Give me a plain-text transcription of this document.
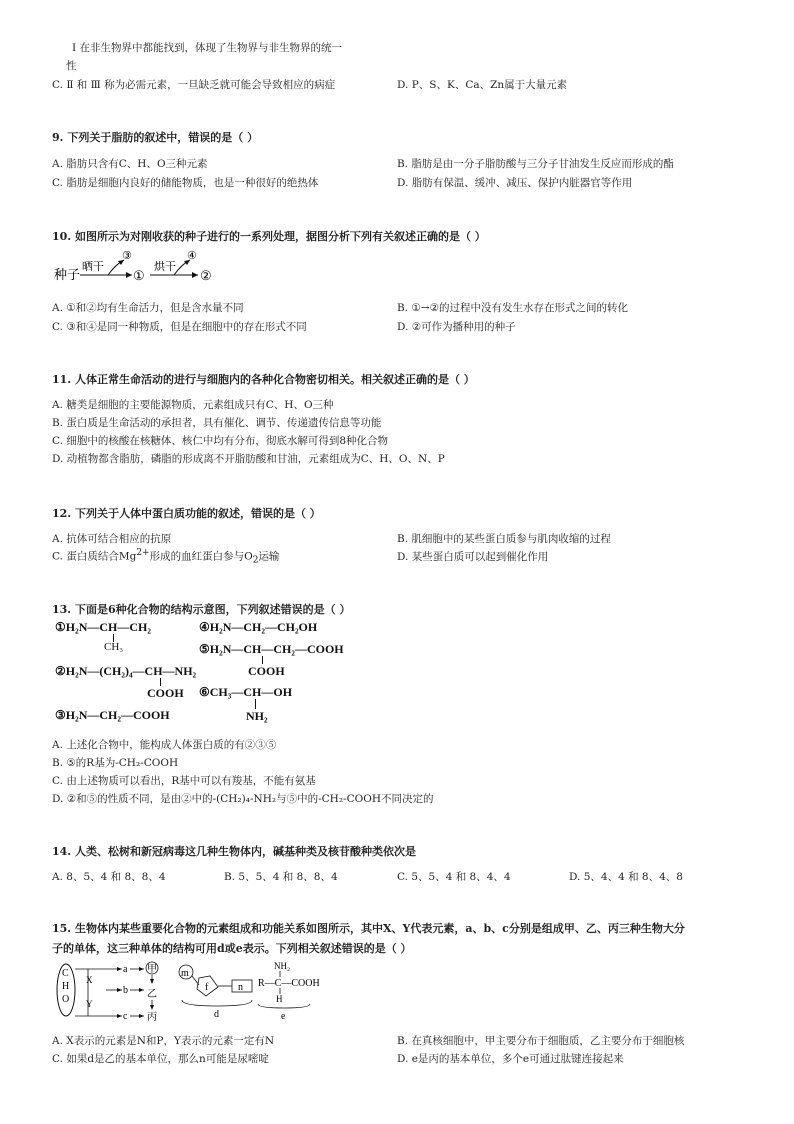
Ⅰ 在非生物界中都能找到，体现了生物界与非生物界的统一
性
C. Ⅱ 和 Ⅲ 称为必需元素，一旦缺乏就可能会导致相应的病症	D. P、S、K、Ca、Zn属于大量元素
9. 下列关于脂肪的叙述中，错误的是（ ）
A. 脂肪只含有C、H、O三种元素	B. 脂肪是由一分子脂肪酸与三分子甘油发生反应而形成的酯
C. 脂肪是细胞内良好的储能物质，也是一种很好的绝热体	D. 脂肪有保温、缓冲、减压、保护内脏器官等作用
10. 如图所示为对刚收获的种子进行的一系列处理，据图分析下列有关叙述正确的是（ ）
种子 晒干
③
①
烘干
④
②
A. ①和②均有生命活力，但是含水量不同	B. ①→②的过程中没有发生水存在形式之间的转化
C. ③和④是同一种物质，但是在细胞中的存在形式不同	D. ②可作为播种用的种子
11. 人体正常生命活动的进行与细胞内的各种化合物密切相关。相关叙述正确的是（ ）
A. 糖类是细胞的主要能源物质，元素组成只有C、H、O三种
B. 蛋白质是生命活动的承担者，具有催化、调节、传递遗传信息等功能
C. 细胞中的核酸在核糖体、核仁中均有分布，彻底水解可得到8种化合物
D. 动植物都含脂肪，磷脂的形成离不开脂肪酸和甘油，元素组成为C、H、O、N、P
12. 下列关于人体中蛋白质功能的叙述，错误的是（ ）
A. 抗体可结合相应的抗原	B. 肌细胞中的某些蛋白质参与肌肉收缩的过程
C. 蛋白质结合$Mg^{2+}$形成的血红蛋白参与$O_2$运输	D. 某些蛋白质可以起到催化作用
13. 下面是6种化合物的结构示意图，下列叙述错误的是（ ）
①H₂N—CH—CH₂
CH₃
②H₂N—(CH₂)₄—CH—NH₂
COOH
③H₂N—CH₂—COOH
④H₂N—CH₂—CH₂OH
⑤H₂N—CH—CH₂—COOH
COOH
⑥CH₃—CH—OH
NH₂
A. 上述化合物中，能构成人体蛋白质的有②③⑤
B. ⑤的R基为-CH₂-COOH
C. 由上述物质可以看出，R基中可以有羧基，不能有氨基
D. ②和⑤的性质不同，是由②中的-(CH₂)₄-NH₂与⑤中的-CH₂-COOH不同决定的
14. 人类、松树和新冠病毒这几种生物体内，碱基种类及核苷酸种类依次是
A. 8、5、4 和 8、8、4	B. 5、5、4 和 8、8、4	C. 5、5、4 和 8、4、4	D. 5、4、4 和 8、4、8
15. 生物体内某些重要化合物的元素组成和功能关系如图所示，其中X、Y代表元素，a、b、c分别是组成甲、乙、丙三种生物大分
子的单体，这三种单体的结构可用d或e表示。下列相关叙述错误的是（ ）
C
H
O
X
Y
a
b
c
甲
乙
丙
m
f	n
d
NH₂
R—C—COOH
H
e
A. X表示的元素是N和P，Y表示的元素一定有N	B. 在真核细胞中，甲主要分布于细胞质，乙主要分布于细胞核
C. 如果d是乙的基本单位，那么n可能是尿嘧啶	D. e是丙的基本单位，多个e可通过肽键连接起来
